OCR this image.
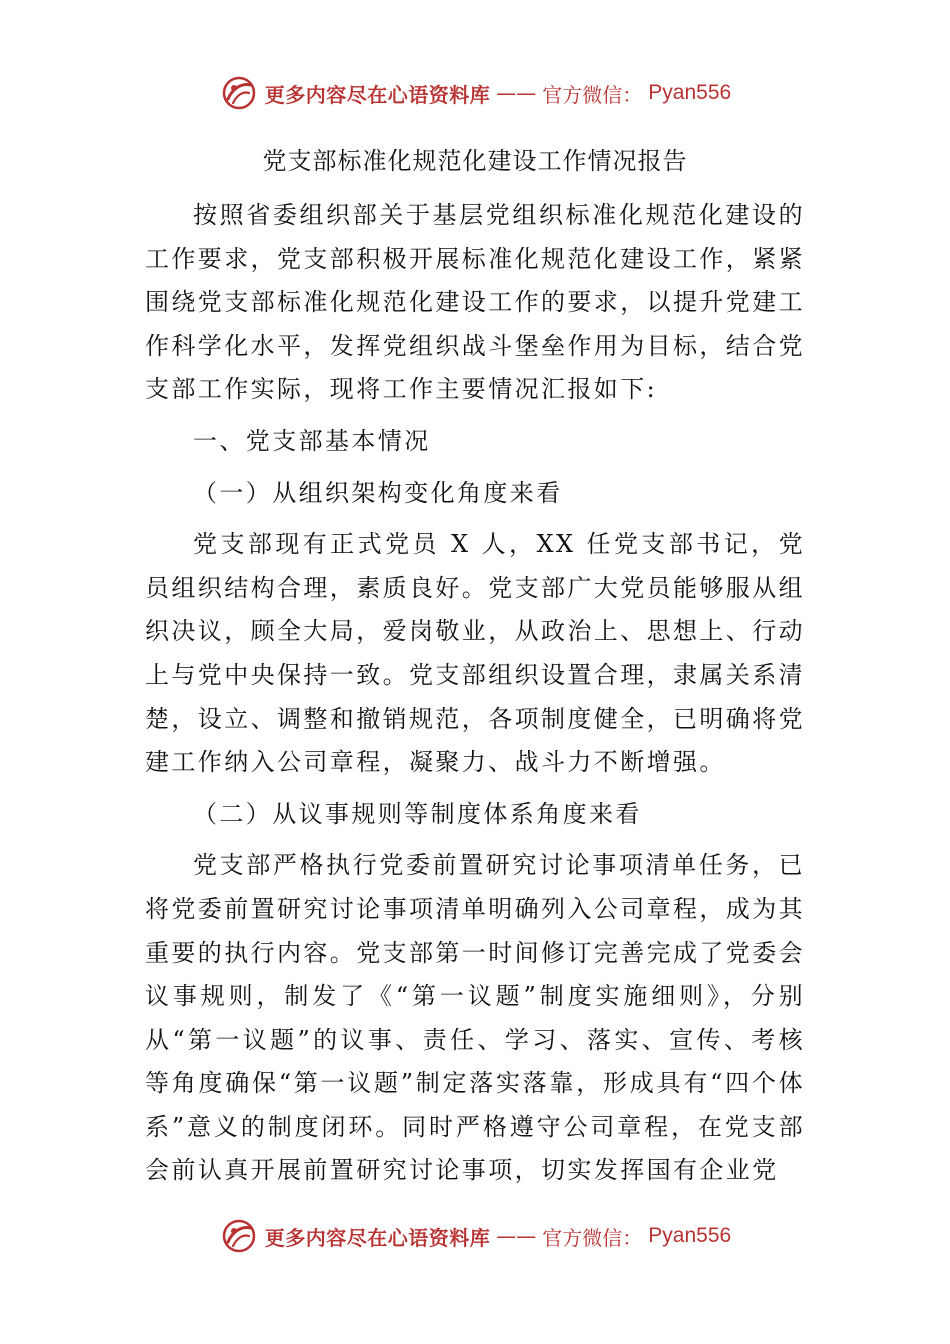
更多内容尽在心语资料库 —— 官方微信： Pyan556
党支部标准化规范化建设工作情况报告

按照省委组织部关于基层党组织标准化规范化建设的工作要求，党支部积极开展标准化规范化建设工作，紧紧围绕党支部标准化规范化建设工作的要求，以提升党建工作科学化水平，发挥党组织战斗堡垒作用为目标，结合党支部工作实际，现将工作主要情况汇报如下:

一、党支部基本情况

（一）从组织架构变化角度来看

党支部现有正式党员 X 人，XX 任党支部书记，党员组织结构合理，素质良好。党支部广大党员能够服从组织决议，顾全大局，爱岗敬业，从政治上、思想上、行动上与党中央保持一致。党支部组织设置合理，隶属关系清楚，设立、调整和撤销规范，各项制度健全，已明确将党建工作纳入公司章程，凝聚力、战斗力不断增强。

（二）从议事规则等制度体系角度来看

党支部严格执行党委前置研究讨论事项清单任务，已将党委前置研究讨论事项清单明确列入公司章程，成为其重要的执行内容。党支部第一时间修订完善完成了党委会议事规则，制发了《“第一议题”制度实施细则》，分别从“第一议题”的议事、责任、学习、落实、宣传、考核等角度确保“第一议题”制定落实落靠，形成具有“四个体系”意义的制度闭环。同时严格遵守公司章程，在党支部会前认真开展前置研究讨论事项，切实发挥国有企业党

更多内容尽在心语资料库 —— 官方微信： Pyan556
